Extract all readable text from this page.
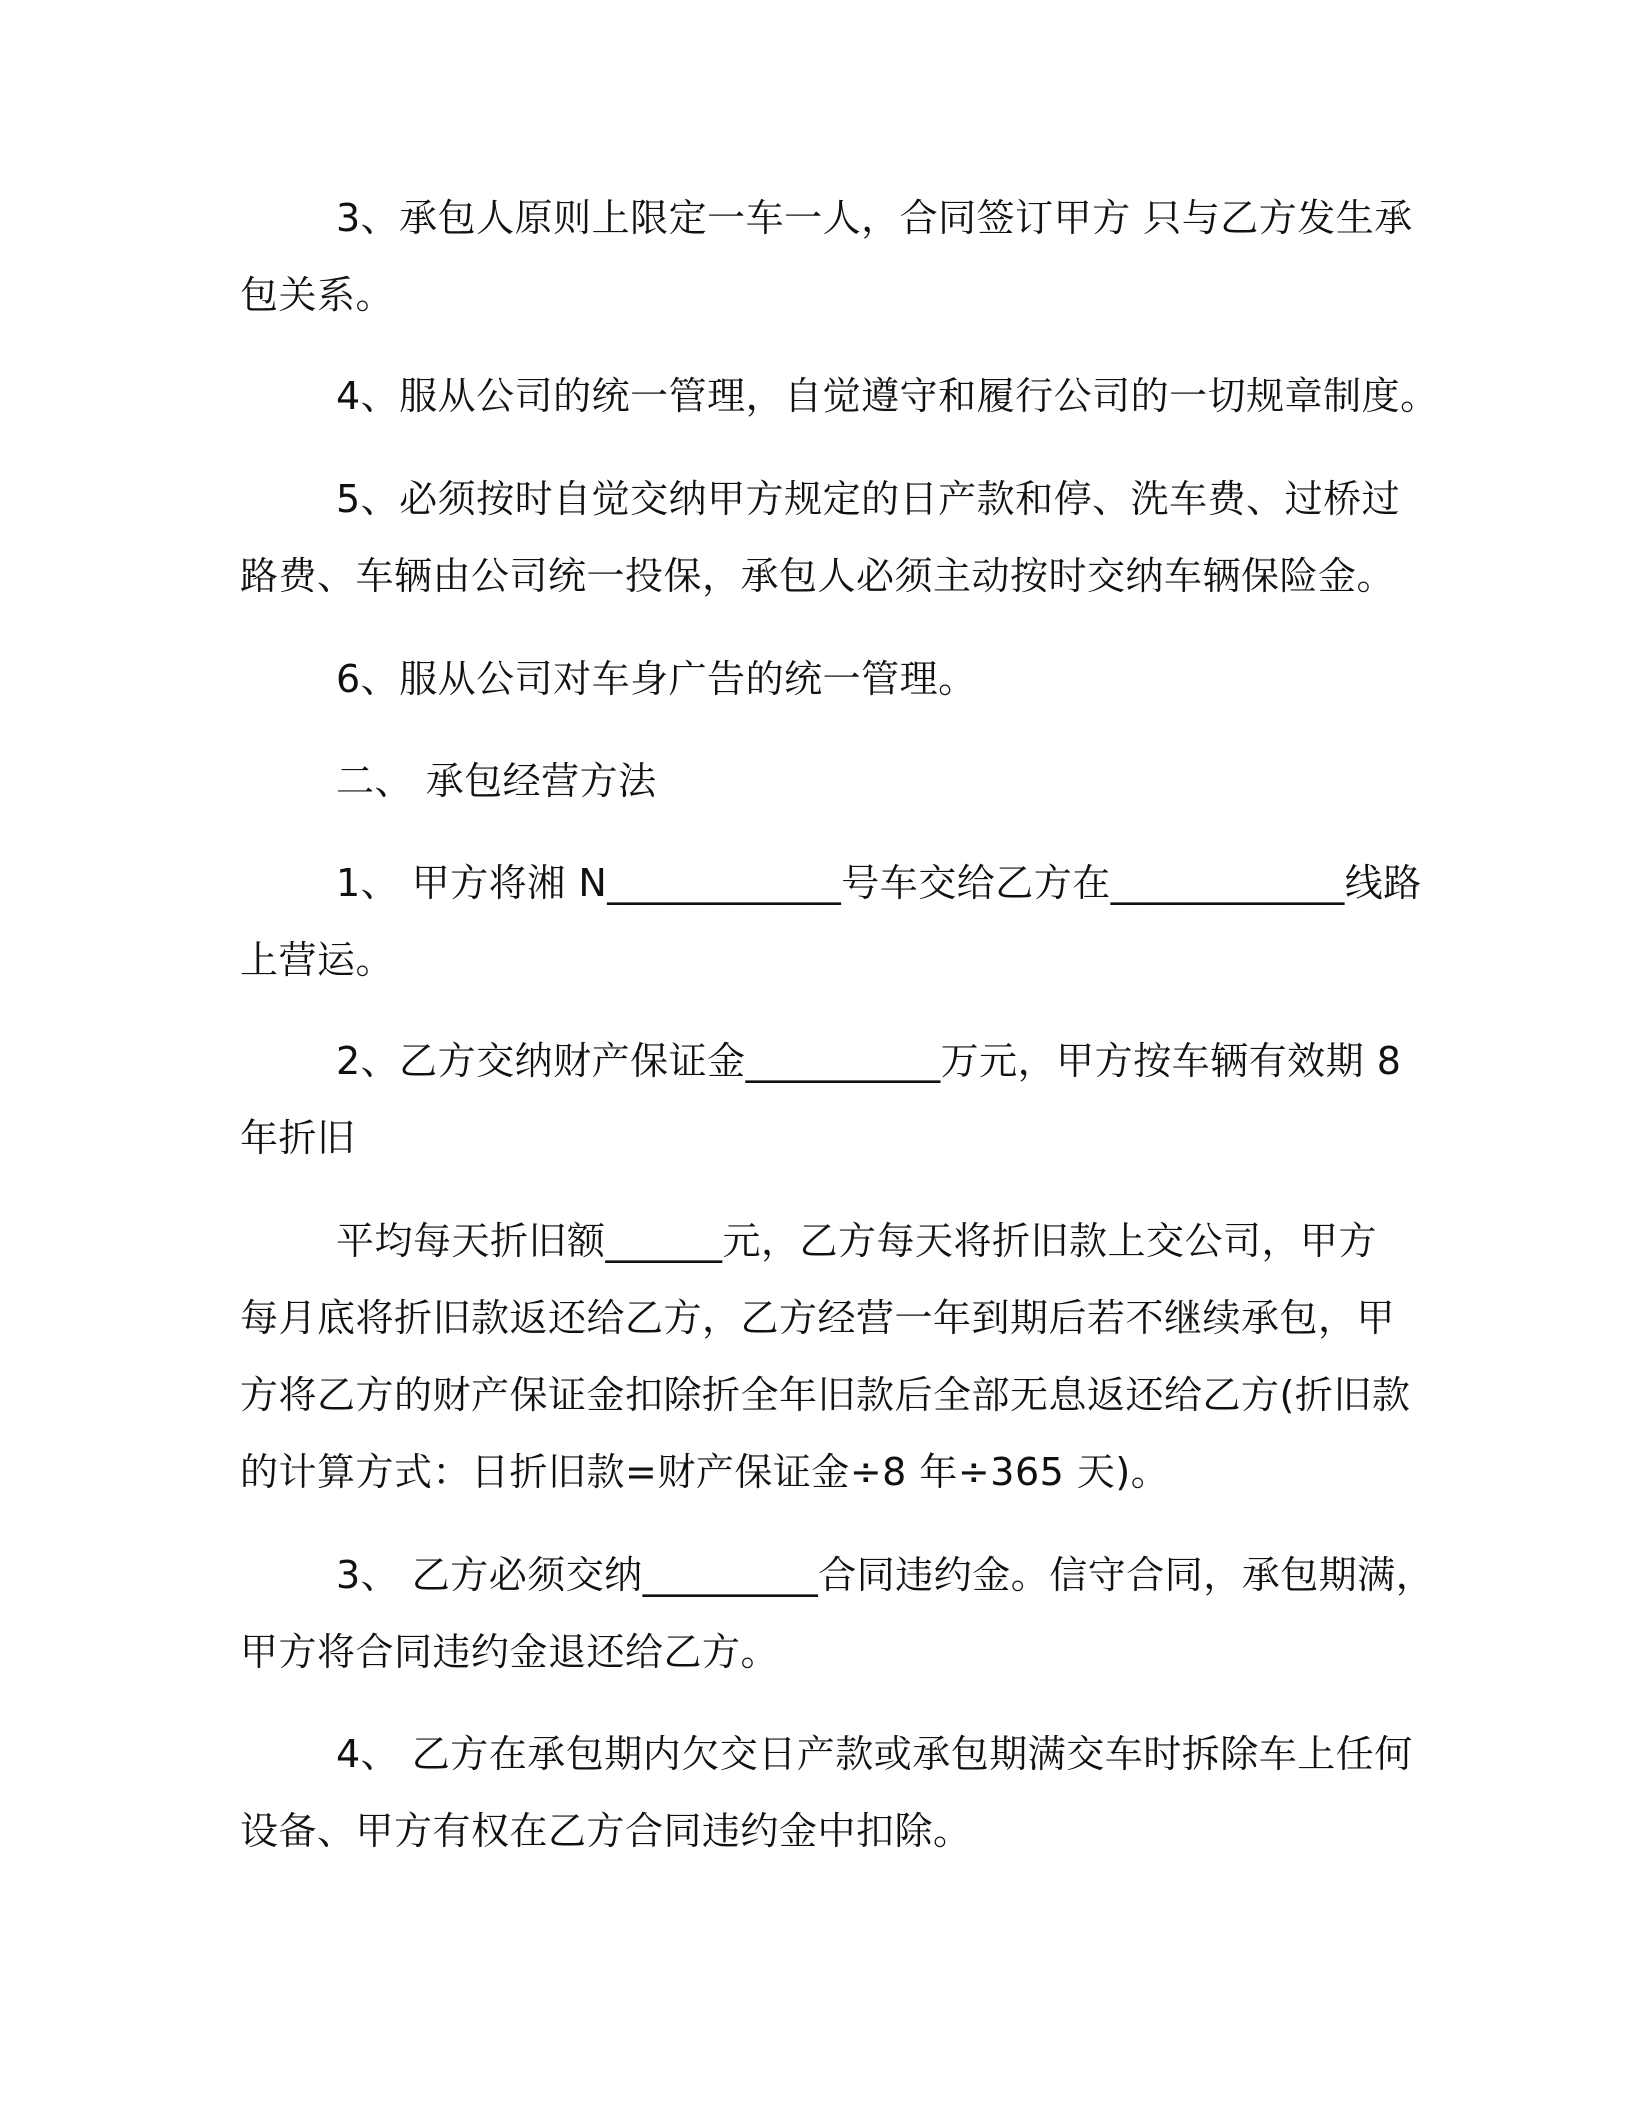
3、承包人原则上限定一车一人，合同签订甲方 只与乙方发生承
包关系。
4、服从公司的统一管理，自觉遵守和履行公司的一切规章制度。
5、必须按时自觉交纳甲方规定的日产款和停、洗车费、过桥过
路费、车辆由公司统一投保，承包人必须主动按时交纳车辆保险金。
6、服从公司对车身广告的统一管理。
二、 承包经营方法
1、 甲方将湘 N____________号车交给乙方在____________线路
上营运。
2、乙方交纳财产保证金__________万元，甲方按车辆有效期 8
年折旧
平均每天折旧额______元，乙方每天将折旧款上交公司，甲方
每月底将折旧款返还给乙方，乙方经营一年到期后若不继续承包，甲
方将乙方的财产保证金扣除折全年旧款后全部无息返还给乙方(折旧款
的计算方式：日折旧款=财产保证金÷8 年÷365 天)。
3、 乙方必须交纳_________合同违约金。信守合同，承包期满，
甲方将合同违约金退还给乙方。
4、 乙方在承包期内欠交日产款或承包期满交车时拆除车上任何
设备、甲方有权在乙方合同违约金中扣除。
